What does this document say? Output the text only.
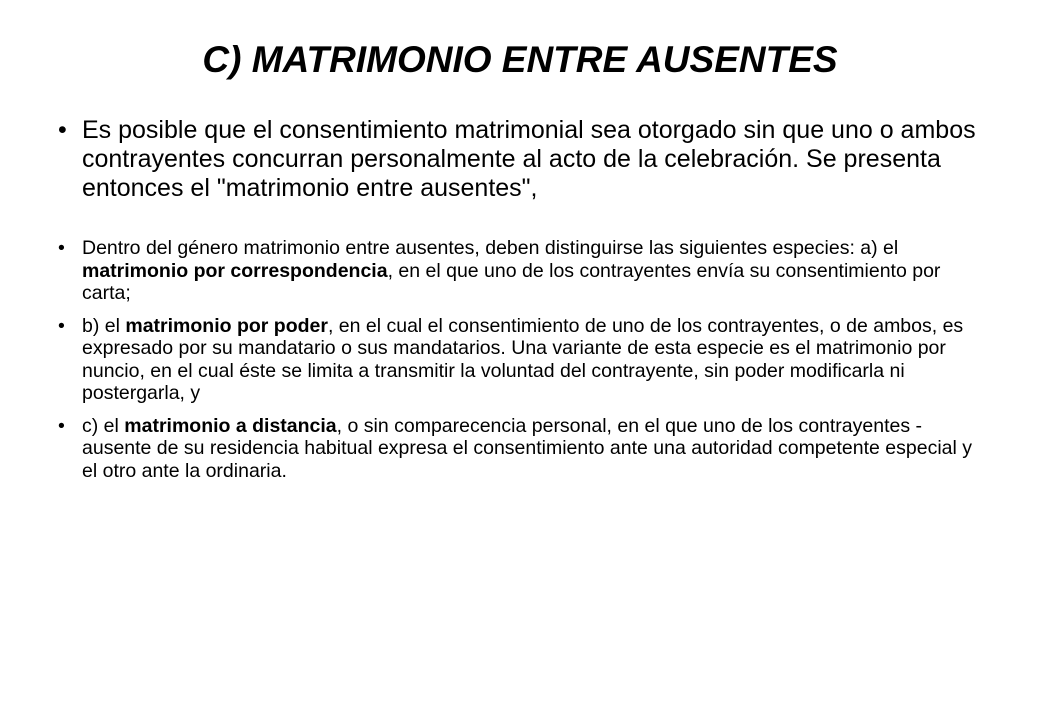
C) MATRIMONIO ENTRE AUSENTES
• Es posible que el consentimiento matrimonial sea otorgado sin que uno o ambos contrayentes concurran personalmente al acto de la celebración. Se presenta entonces el "matrimonio entre ausentes",
• Dentro del género matrimonio entre ausentes, deben distinguirse las siguientes especies: a) el matrimonio por correspondencia, en el que uno de los contrayentes envía su consentimiento por carta;
• b) el matrimonio por poder, en el cual el consentimiento de uno de los contrayentes, o de ambos, es expresado por su mandatario o sus mandatarios. Una variante de esta especie es el matrimonio por nuncio, en el cual éste se limita a transmitir la voluntad del contrayente, sin poder modificarla ni postergarla, y
• c) el matrimonio a distancia, o sin comparecencia personal, en el que uno de los contrayentes -ausente de su residencia habitual expresa el consentimiento ante una autoridad competente especial y el otro ante la ordinaria.
